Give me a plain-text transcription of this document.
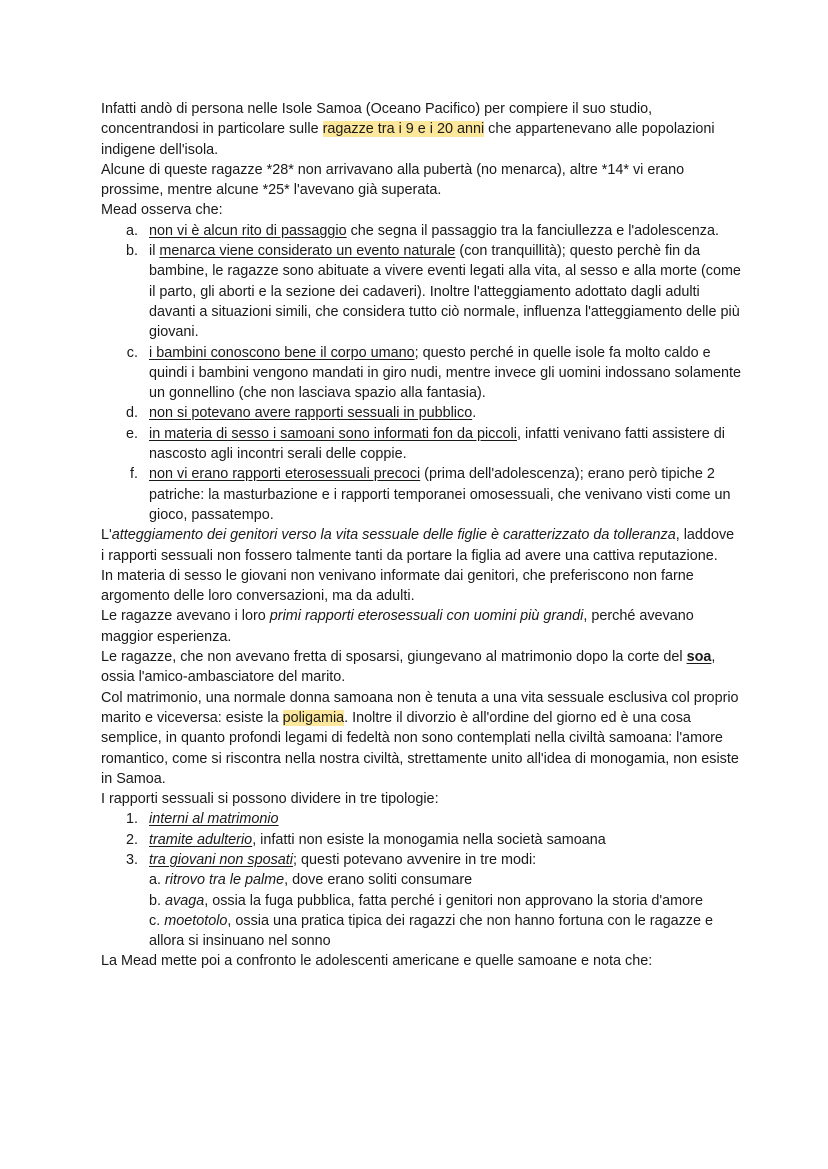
Infatti andò di persona nelle Isole Samoa (Oceano Pacifico) per compiere il suo studio, concentrandosi in particolare sulle ragazze tra i 9 e i 20 anni che appartenevano alle popolazioni indigene dell'isola.

Alcune di queste ragazze *28* non arrivavano alla pubertà (no menarca), altre *14* vi erano prossime, mentre alcune *25* l'avevano già superata.

Mead osserva che:

a. non vi è alcun rito di passaggio che segna il passaggio tra la fanciullezza e l'adolescenza.
b. il menarca viene considerato un evento naturale (con tranquillità); questo perchè fin da bambine, le ragazze sono abituate a vivere eventi legati alla vita, al sesso e alla morte (come il parto, gli aborti e la sezione dei cadaveri). Inoltre l'atteggiamento adottato dagli adulti davanti a situazioni simili, che considera tutto ciò normale, influenza l'atteggiamento delle più giovani.
c. i bambini conoscono bene il corpo umano; questo perché in quelle isole fa molto caldo e quindi i bambini vengono mandati in giro nudi, mentre invece gli uomini indossano solamente un gonnellino (che non lasciava spazio alla fantasia).
d. non si potevano avere rapporti sessuali in pubblico.
e. in materia di sesso i samoani sono informati fon da piccoli, infatti venivano fatti assistere di nascosto agli incontri serali delle coppie.
f. non vi erano rapporti eterosessuali precoci (prima dell'adolescenza); erano però tipiche 2 patriche: la masturbazione e i rapporti temporanei omosessuali, che venivano visti come un gioco, passatempo.

L'atteggiamento dei genitori verso la vita sessuale delle figlie è caratterizzato da tolleranza, laddove i rapporti sessuali non fossero talmente tanti da portare la figlia ad avere una cattiva reputazione.

In materia di sesso le giovani non venivano informate dai genitori, che preferiscono non farne argomento delle loro conversazioni, ma da adulti.

Le ragazze avevano i loro primi rapporti eterosessuali con uomini più grandi, perché avevano maggior esperienza.

Le ragazze, che non avevano fretta di sposarsi, giungevano al matrimonio dopo la corte del soa, ossia l'amico-ambasciatore del marito.

Col matrimonio, una normale donna samoana non è tenuta a una vita sessuale esclusiva col proprio marito e viceversa: esiste la poligamia. Inoltre il divorzio è all'ordine del giorno ed è una cosa semplice, in quanto profondi legami di fedeltà non sono contemplati nella civiltà samoana: l'amore romantico, come si riscontra nella nostra civiltà, strettamente unito all'idea di monogamia, non esiste in Samoa.

I rapporti sessuali si possono dividere in tre tipologie:

1. interni al matrimonio
2. tramite adulterio, infatti non esiste la monogamia nella società samoana
3. tra giovani non sposati; questi potevano avvenire in tre modi:
a. ritrovo tra le palme, dove erano soliti consumare
b. avaga, ossia la fuga pubblica, fatta perché i genitori non approvano la storia d'amore
c. moetotolo, ossia una pratica tipica dei ragazzi che non hanno fortuna con le ragazze e allora si insinuano nel sonno

La Mead mette poi a confronto le adolescenti americane e quelle samoane e nota che:
